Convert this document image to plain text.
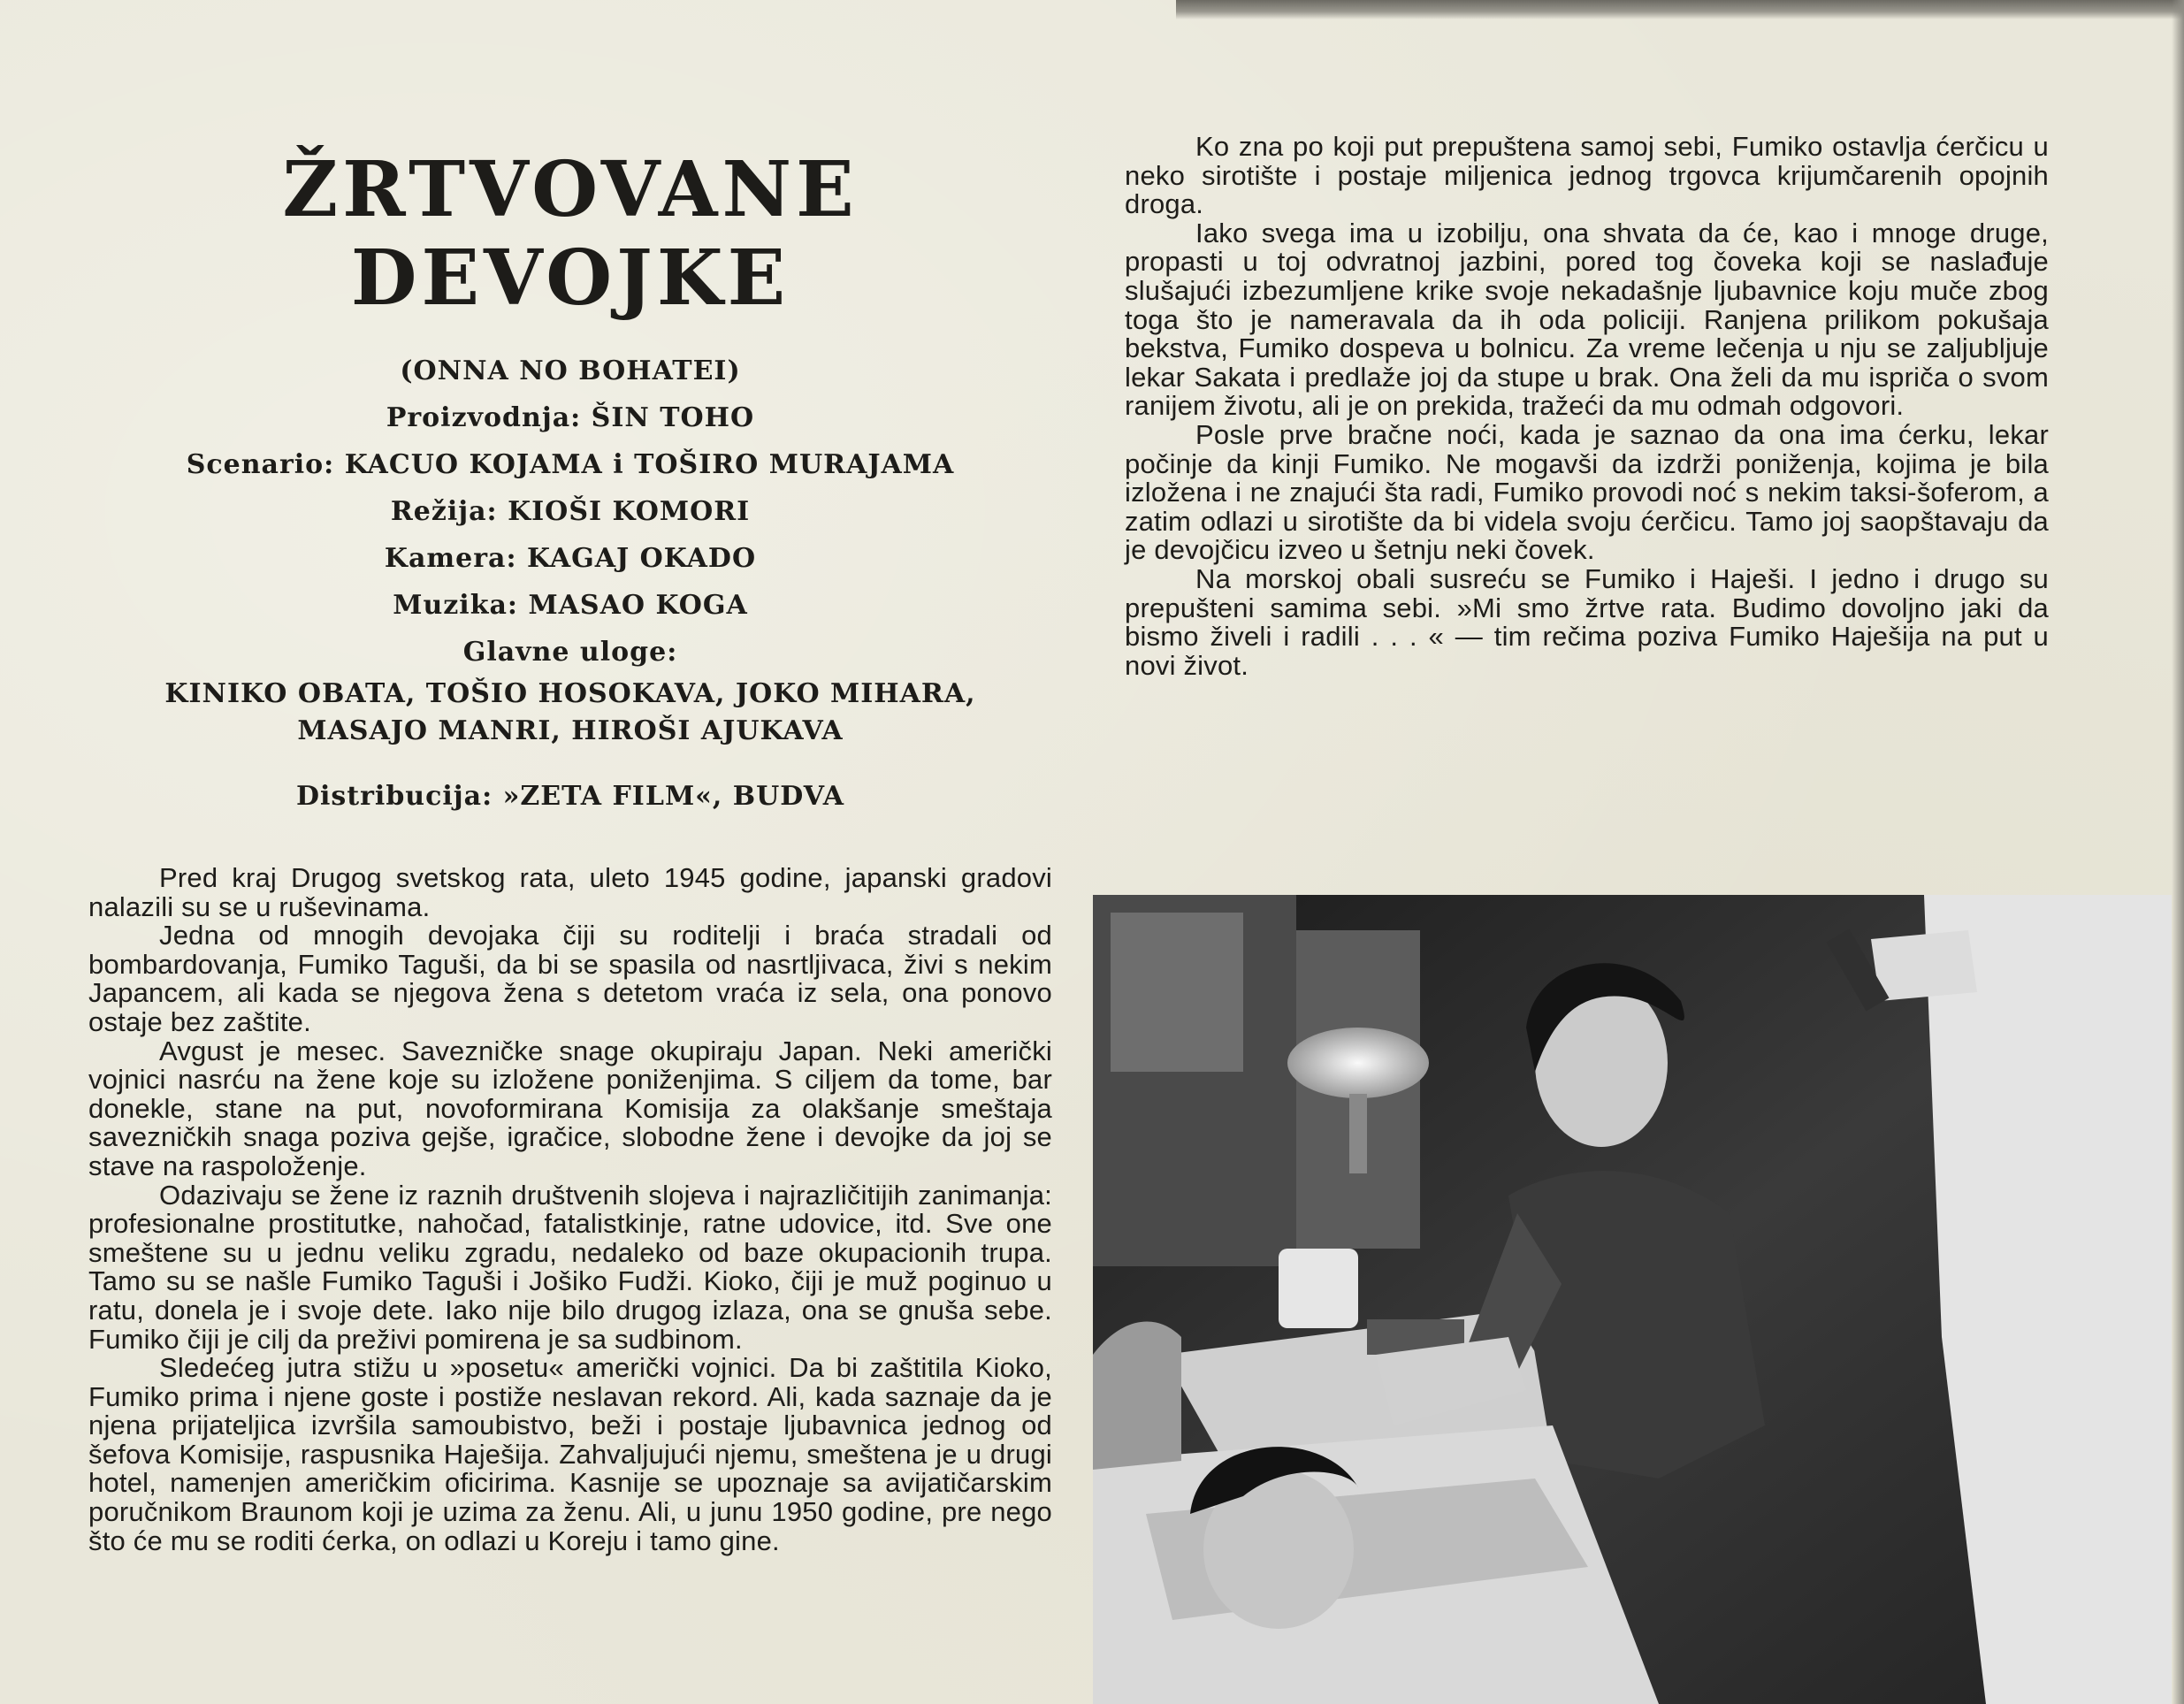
ŽRTVOVANE DEVOJKE
(ONNA NO BOHATEI)
Proizvodnja: ŠIN TOHO
Scenario: KACUO KOJAMA i TOŠIRO MURAJAMA
Režija: KIOŠI KOMORI
Kamera: KAGAJ OKADO
Muzika: MASAO KOGA
Glavne uloge:
KINIKO OBATA, TOŠIO HOSOKAVA, JOKO MIHARA,
MASAJO MANRI, HIROŠI AJUKAVA
Distribucija: »ZETA FILM«, BUDVA

Pred kraj Drugog svetskog rata, uleto 1945 godine, japanski gradovi nalazili su se u ruševinama.

Jedna od mnogih devojaka čiji su roditelji i braća stradali od bombardovanja, Fumiko Taguši, da bi se spasila od nasrtljivaca, živi s nekim Japancem, ali kada se njegova žena s detetom vraća iz sela, ona ponovo ostaje bez zaštite.

Avgust je mesec. Savezničke snage okupiraju Japan. Neki američki vojnici nasrću na žene koje su izložene poniženjima. S ciljem da tome, bar donekle, stane na put, novoformirana Komisija za olakšanje smeštaja savezničkih snaga poziva gejše, igračice, slobodne žene i devojke da joj se stave na raspoloženje.

Odazivaju se žene iz raznih društvenih slojeva i najrazličitijih zanimanja: profesionalne prostitutke, nahočad, fatalistkinje, ratne udovice, itd. Sve one smeštene su u jednu veliku zgradu, nedaleko od baze okupacionih trupa. Tamo su se našle Fumiko Taguši i Jošiko Fudži. Kioko, čiji je muž poginuo u ratu, donela je i svoje dete. Iako nije bilo drugog izlaza, ona se gnuša sebe. Fumiko čiji je cilj da preživi pomirena je sa sudbinom.

Sledećeg jutra stižu u »posetu« američki vojnici. Da bi zaštitila Kioko, Fumiko prima i njene goste i postiže neslavan rekord. Ali, kada saznaje da je njena prijateljica izvršila samoubistvo, beži i postaje ljubavnica jednog od šefova Komisije, raspusnika Haješija. Zahvaljujući njemu, smeštena je u drugi hotel, namenjen američkim oficirima. Kasnije se upoznaje sa avijatičarskim poručnikom Braunom koji je uzima za ženu. Ali, u junu 1950 godine, pre nego što će mu se roditi ćerka, on odlazi u Koreju i tamo gine.

Ko zna po koji put prepuštena samoj sebi, Fumiko ostavlja ćerčicu u neko sirotište i postaje miljenica jednog trgovca krijumčarenih opojnih droga.

Iako svega ima u izobilju, ona shvata da će, kao i mnoge druge, propasti u toj odvratnoj jazbini, pored tog čoveka koji se naslađuje slušajući izbezumljene krike svoje nekadašnje ljubavnice koju muče zbog toga što je nameravala da ih oda policiji. Ranjena prilikom pokušaja bekstva, Fumiko dospeva u bolnicu. Za vreme lečenja u nju se zaljubljuje lekar Sakata i predlaže joj da stupe u brak. Ona želi da mu ispriča o svom ranijem životu, ali je on prekida, tražeći da mu odmah odgovori.

Posle prve bračne noći, kada je saznao da ona ima ćerku, lekar počinje da kinji Fumiko. Ne mogavši da izdrži poniženja, kojima je bila izložena i ne znajući šta radi, Fumiko provodi noć s nekim taksi-šoferom, a zatim odlazi u sirotište da bi videla svoju ćerčicu. Tamo joj saopštavaju da je devojčicu izveo u šetnju neki čovek.

Na morskoj obali susreću se Fumiko i Haješi. I jedno i drugo su prepušteni samima sebi. »Mi smo žrtve rata. Budimo dovoljno jaki da bismo živeli i radili . . . « — tim rečima poziva Fumiko Haješija na put u novi život.
